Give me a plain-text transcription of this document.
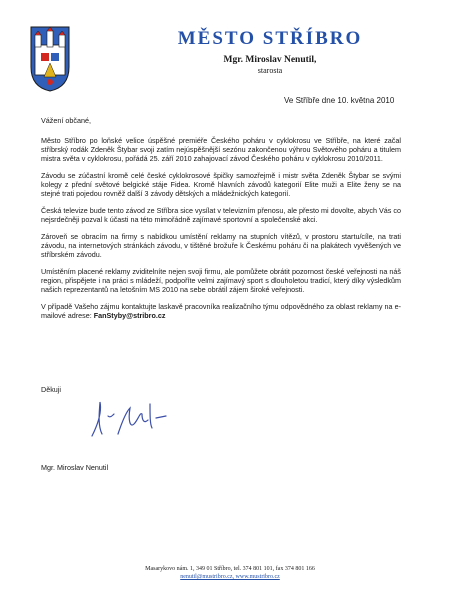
MĚSTO STŘÍBRO
Mgr. Miroslav Nenutil,
starosta
Ve Stříbře dne 10. května 2010

Vážení občané,

Město Stříbro po loňské velice úspěšné premiéře Českého poháru v cyklokrosu ve Stříbře, na které začal stříbrský rodák Zdeněk Štybar svoji zatím nejúspěšnější sezónu zakončenou výhrou Světového poháru a titulem mistra světa v cyklokrosu, pořádá 25. září 2010 zahajovací závod Českého poháru v cyklokrosu 2010/2011.

Závodu se zúčastní kromě celé české cyklokrosové špičky samozřejmě i mistr světa Zdeněk Štybar se svými kolegy z přední světové belgické stáje Fidea. Kromě hlavních závodů kategorií Elite muži a Elite ženy se na stejné trati pojedou rovněž další 3 závody dětských a mládežnických kategorií.

Česká televize bude tento závod ze Stříbra sice vysílat v televizním přenosu, ale přesto mi dovolte, abych Vás co nejsrdečněji pozval k účasti na této mimořádně zajímavé sportovní a společenské akci.

Zároveň se obracím na firmy s nabídkou umístění reklamy na stupních vítězů, v prostoru startu/cíle, na trati závodu, na internetových stránkách závodu, v tištěné brožuře k Českému poháru či na plakátech vyvěšených ve stříbrském závodu.

Umístěním placené reklamy zviditelníte nejen svoji firmu, ale pomůžete obrátit pozornost české veřejnosti na náš region, přispějete i na práci s mládeží, podpoříte velmi zajímavý sport s dlouholetou tradicí, který díky výsledkům našich reprezentantů na letošním MS 2010 na sebe obrátil zájem široké veřejnosti.

V případě Vašeho zájmu kontaktujte laskavě pracovníka realizačního týmu odpovědného za oblast reklamy na e-mailové adrese: FanStyby@stribro.cz

Děkuji
Mgr. Miroslav Nenutil
Masarykovo nám. 1, 349 01 Stříbro, tel. 374 801 101, fax 374 801 166
nenutil@mustribro.cz, www.mustribro.cz
